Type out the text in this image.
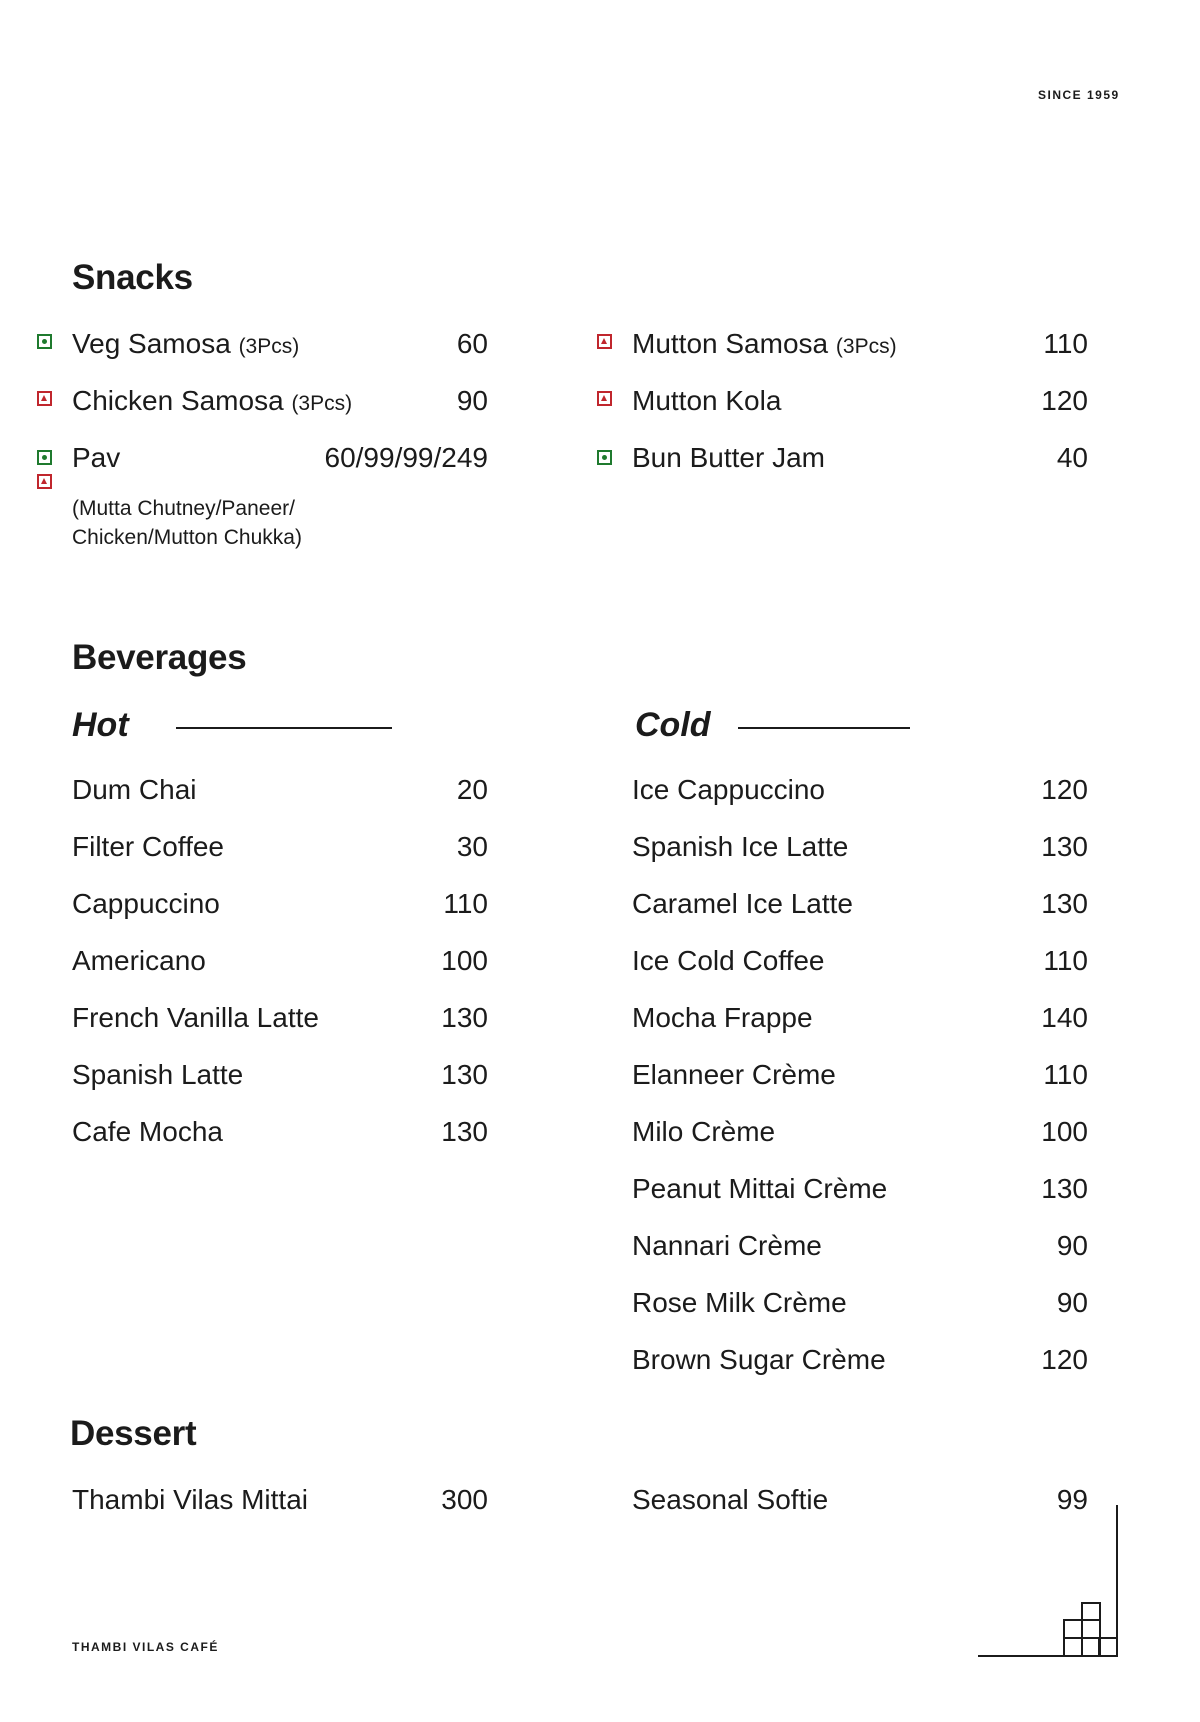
SINCE 1959
Snacks
Veg Samosa (3Pcs)	60
Chicken Samosa (3Pcs)	90
Pav	60/99/99/249
(Mutta Chutney/Paneer/
Chicken/Mutton Chukka)
Mutton Samosa (3Pcs)	110
Mutton Kola	120
Bun Butter Jam	40
Beverages
Hot	Cold
Dum Chai	20
Filter Coffee	30
Cappuccino	110
Americano	100
French Vanilla Latte	130
Spanish Latte	130
Cafe Mocha	130
Ice Cappuccino	120
Spanish Ice Latte	130
Caramel Ice Latte	130
Ice Cold Coffee	110
Mocha Frappe	140
Elanneer Crème	110
Milo Crème	100
Peanut Mittai Crème	130
Nannari Crème	90
Rose Milk Crème	90
Brown Sugar Crème	120
Dessert
Thambi Vilas Mittai	300	Seasonal Softie	99
THAMBI VILAS CAFÉ
